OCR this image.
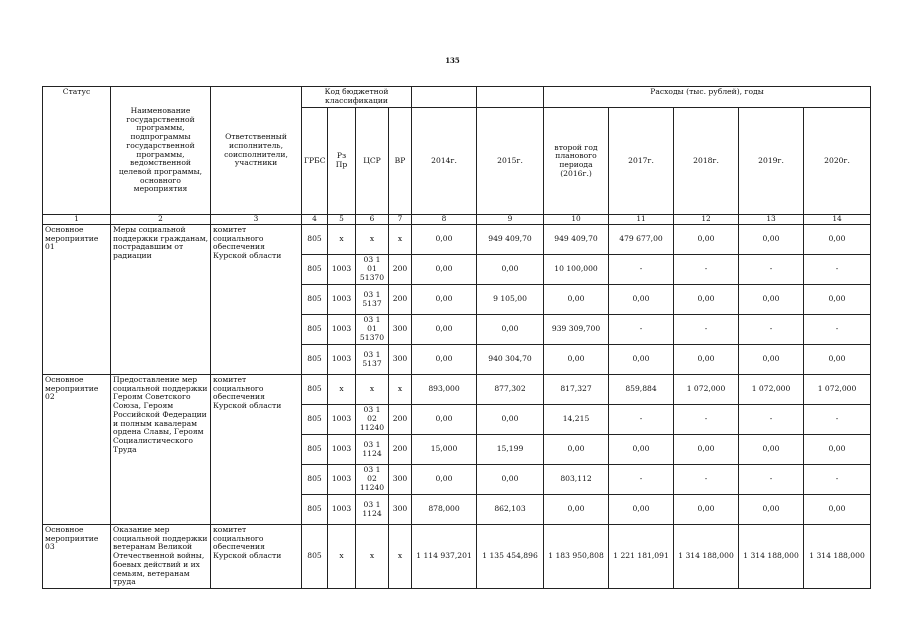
135
Статус	Наименование государственной программы, подпрограммы государственной программы, ведомственной целевой программы, основного мероприятия	Ответственный исполнитель, соисполнители, участники	Код бюджетной классификации						Расходы (тыс. рублей), годы				
			ГРБС	Рз Пр	ЦСР	ВР	2014г.	2015г.	второй год планового периода (2016г.)	2017г.	2018г.	2019г.	2020г.
1	2	3	4	5	6	7	8	9	10	11	12	13	14
Основное мероприятие 01	Меры социальной поддержки гражданам, пострадавшим от радиации	комитет социального обеспечения Курской области	805	х	х	х	0,00	949 409,70	949 409,70	479 677,00	0,00	0,00	0,00
			805	1003	03 1 01 51370	200	0,00	0,00	10 100,000	-	-	-	-
			805	1003	03 1 5137	200	0,00	9 105,00	0,00	0,00	0,00	0,00	0,00
			805	1003	03 1 01 51370	300	0,00	0,00	939 309,700	-	-	-	-
			805	1003	03 1 5137	300	0,00	940 304,70	0,00	0,00	0,00	0,00	0,00
Основное мероприятие 02	Предоставление мер социальной поддержки Героям Советского Союза, Героям Российской Федерации и полным кавалерам ордена Славы, Героям Социалистического Труда	комитет социального обеспечения Курской области	805	х	х	х	893,000	877,302	817,327	859,884	1 072,000	1 072,000	1 072,000
			805	1003	03 1 02 11240	200	0,00	0,00	14,215	-	-	-	-
			805	1003	03 1 1124	200	15,000	15,199	0,00	0,00	0,00	0,00	0,00
			805	1003	03 1 02 11240	300	0,00	0,00	803,112	-	-	-	-
			805	1003	03 1 1124	300	878,000	862,103	0,00	0,00	0,00	0,00	0,00
Основное мероприятие 03	Оказание мер социальной поддержки ветеранам Великой Отечественной войны, боевых действий и их семьям, ветеранам труда	комитет социального обеспечения Курской области	805	х	х	х	1 114 937,201	1 135 454,896	1 183 950,808	1 221 181,091	1 314 188,000	1 314 188,000	1 314 188,000
